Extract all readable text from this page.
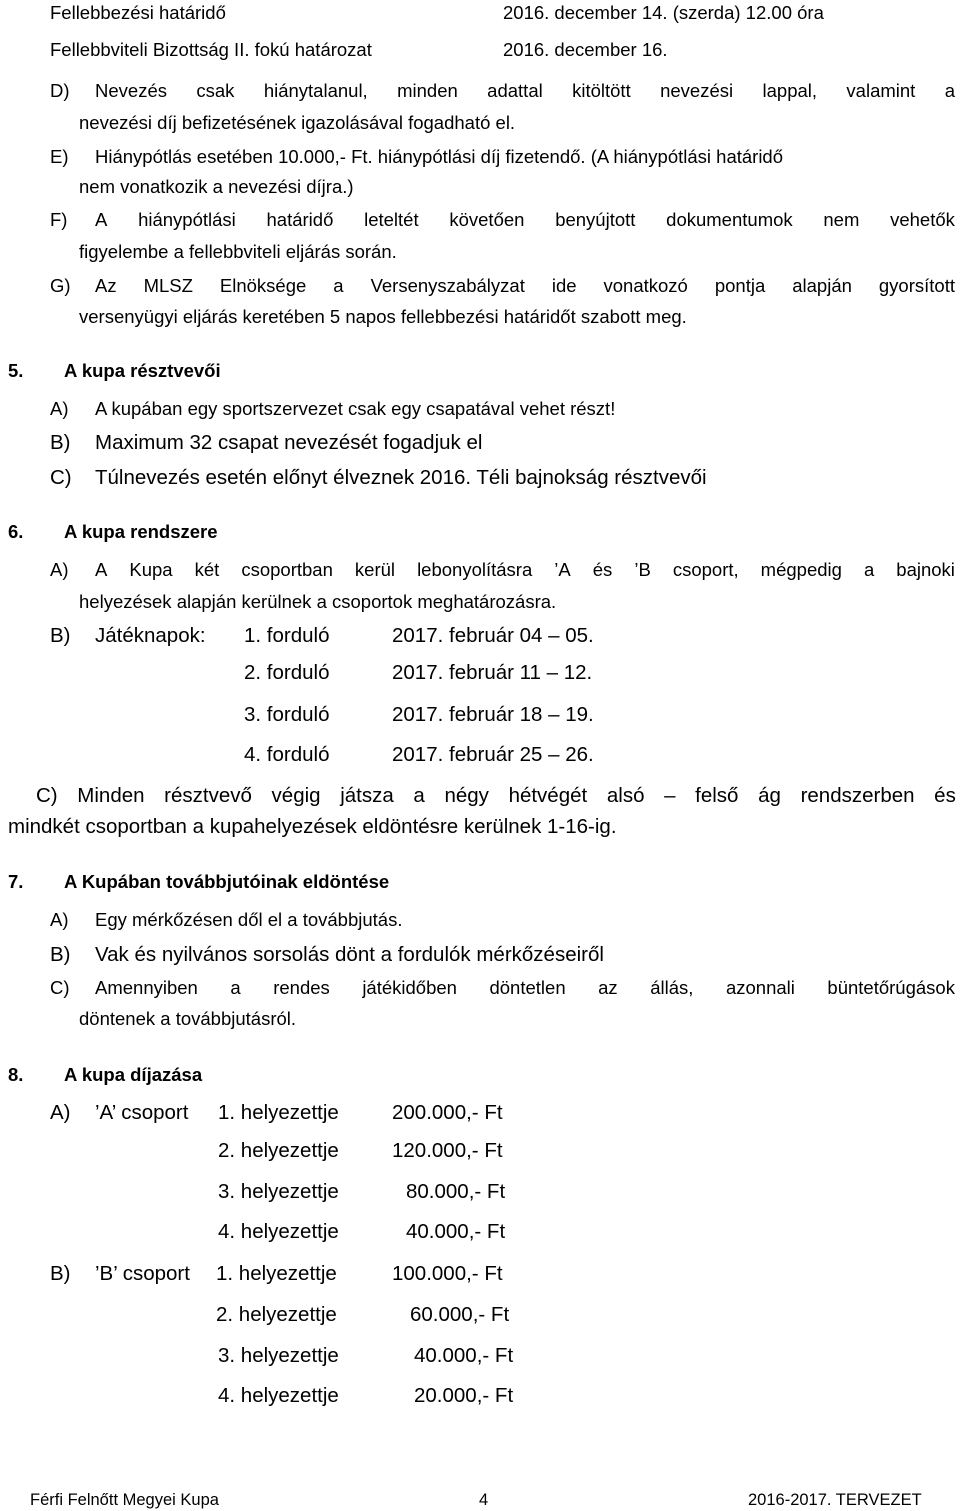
Fellebbezési határidő	2016. december 14. (szerda) 12.00 óra
Fellebbviteli Bizottság II. fokú határozat	2016. december 16.
D) Nevezés csak hiánytalanul, minden adattal kitöltött nevezési lappal, valamint a
nevezési díj befizetésének igazolásával fogadható el.
E) Hiánypótlás esetében 10.000,- Ft. hiánypótlási díj fizetendő. (A hiánypótlási határidő
nem vonatkozik a nevezési díjra.)
F) A hiánypótlási határidő leteltét követően benyújtott dokumentumok nem vehetők
figyelembe a fellebbviteli eljárás során.
G) Az MLSZ Elnöksége a Versenyszabályzat ide vonatkozó pontja alapján gyorsított
versenyügyi eljárás keretében 5 napos fellebbezési határidőt szabott meg.
5. A kupa résztvevői
A) A kupában egy sportszervezet csak egy csapatával vehet részt!
B) Maximum 32 csapat nevezését fogadjuk el
C) Túlnevezés esetén előnyt élveznek 2016. Téli bajnokság résztvevői
6. A kupa rendszere
A) A Kupa két csoportban kerül lebonyolításra ’A és ’B csoport, mégpedig a bajnoki
helyezések alapján kerülnek a csoportok meghatározásra.
B) Játéknapok: 1. forduló	2017. február 04 – 05.
2. forduló	2017. február 11 – 12.
3. forduló	2017. február 18 – 19.
4. forduló	2017. február 25 – 26.
C) Minden résztvevő végig játsza a négy hétvégét alsó – felső ág rendszerben és
mindkét csoportban a kupahelyezések eldöntésre kerülnek 1-16-ig.
7. A Kupában továbbjutóinak eldöntése
A) Egy mérkőzésen dől el a továbbjutás.
B) Vak és nyilvános sorsolás dönt a fordulók mérkőzéseiről
C) Amennyiben a rendes játékidőben döntetlen az állás, azonnali büntetőrúgások
döntenek a továbbjutásról.
8. A kupa díjazása
A) ’A’ csoport 1. helyezettje	200.000,- Ft
2. helyezettje	120.000,- Ft
3. helyezettje	80.000,- Ft
4. helyezettje	40.000,- Ft
B) ’B’ csoport 1. helyezettje	100.000,- Ft
2. helyezettje	60.000,- Ft
3. helyezettje	40.000,- Ft
4. helyezettje	20.000,- Ft
Férfi Felnőtt Megyei Kupa	4	2016-2017. TERVEZET
